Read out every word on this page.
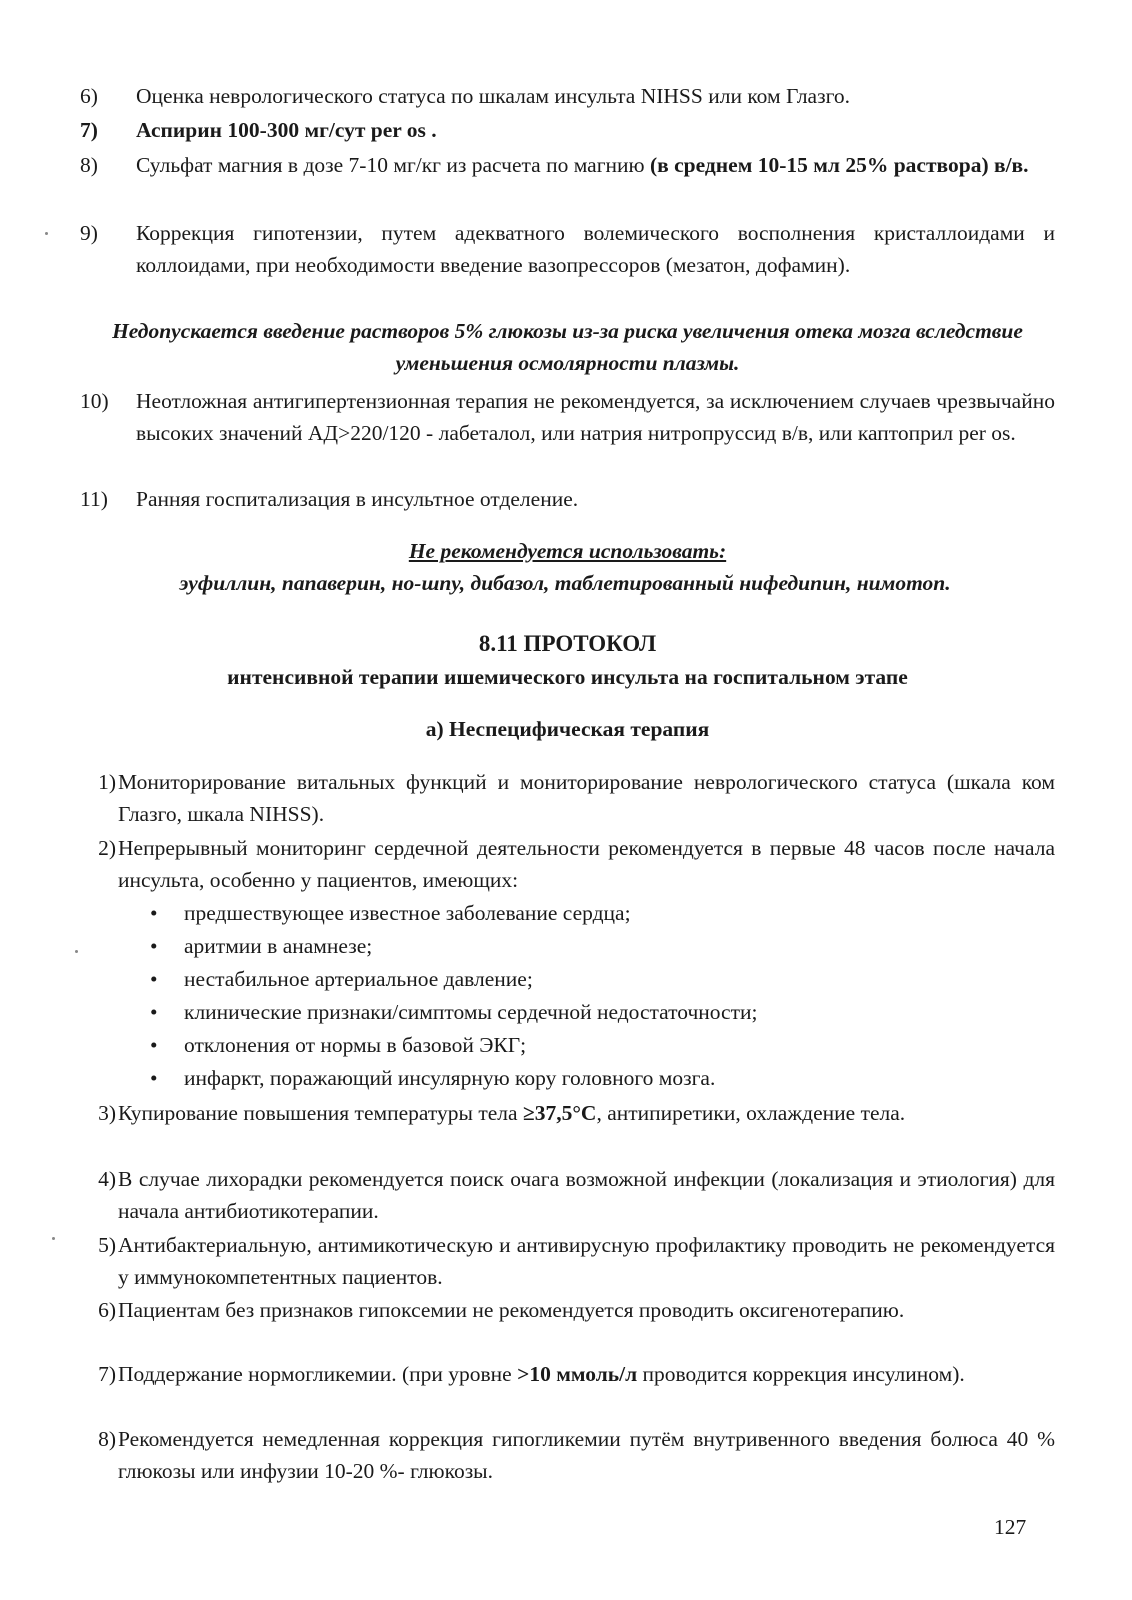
6) Оценка неврологического статуса по шкалам инсульта NIHSS или ком Глазго.
7) Аспирин 100-300 мг/сут per os .
8) Сульфат магния в дозе 7-10 мг/кг из расчета по магнию (в среднем 10-15 мл 25% раствора) в/в.
9) Коррекция гипотензии, путем адекватного волемического восполнения кристаллоидами и коллоидами, при необходимости введение вазопрессоров (мезатон, дофамин).
Недопускается введение растворов 5% глюкозы из-за риска увеличения отека мозга вследствие уменьшения осмолярности плазмы.
10) Неотложная антигипертензионная терапия не рекомендуется, за исключением случаев чрезвычайно высоких значений АД>220/120 - лабеталол, или натрия нитропруссид в/в, или каптоприл per os.
11) Ранняя госпитализация в инсультное отделение.
Не рекомендуется использовать:
эуфиллин, папаверин, но-шпу, дибазол, таблетированный нифедипин, нимотоп.
8.11 ПРОТОКОЛ
интенсивной терапии ишемического инсульта на госпитальном этапе
а) Неспецифическая терапия
1) Мониторирование витальных функций и мониторирование неврологического статуса (шкала ком Глазго, шкала NIHSS).
2) Непрерывный мониторинг сердечной деятельности рекомендуется в первые 48 часов после начала инсульта, особенно у пациентов, имеющих:
• предшествующее известное заболевание сердца;
• аритмии в анамнезе;
• нестабильное артериальное давление;
• клинические признаки/симптомы сердечной недостаточности;
• отклонения от нормы в базовой ЭКГ;
• инфаркт, поражающий инсулярную кору головного мозга.
3) Купирование повышения температуры тела ≥37,5°С, антипиретики, охлаждение тела.
4) В случае лихорадки рекомендуется поиск очага возможной инфекции (локализация и этиология) для начала антибиотикотерапии.
5) Антибактериальную, антимикотическую и антивирусную профилактику проводить не рекомендуется у иммунокомпетентных пациентов.
6) Пациентам без признаков гипоксемии не рекомендуется проводить оксигенотерапию.
7) Поддержание нормогликемии. (при уровне >10 ммоль/л проводится коррекция инсулином).
8) Рекомендуется немедленная коррекция гипогликемии путём внутривенного введения болюса 40 % глюкозы или инфузии 10-20 %- глюкозы.
127
